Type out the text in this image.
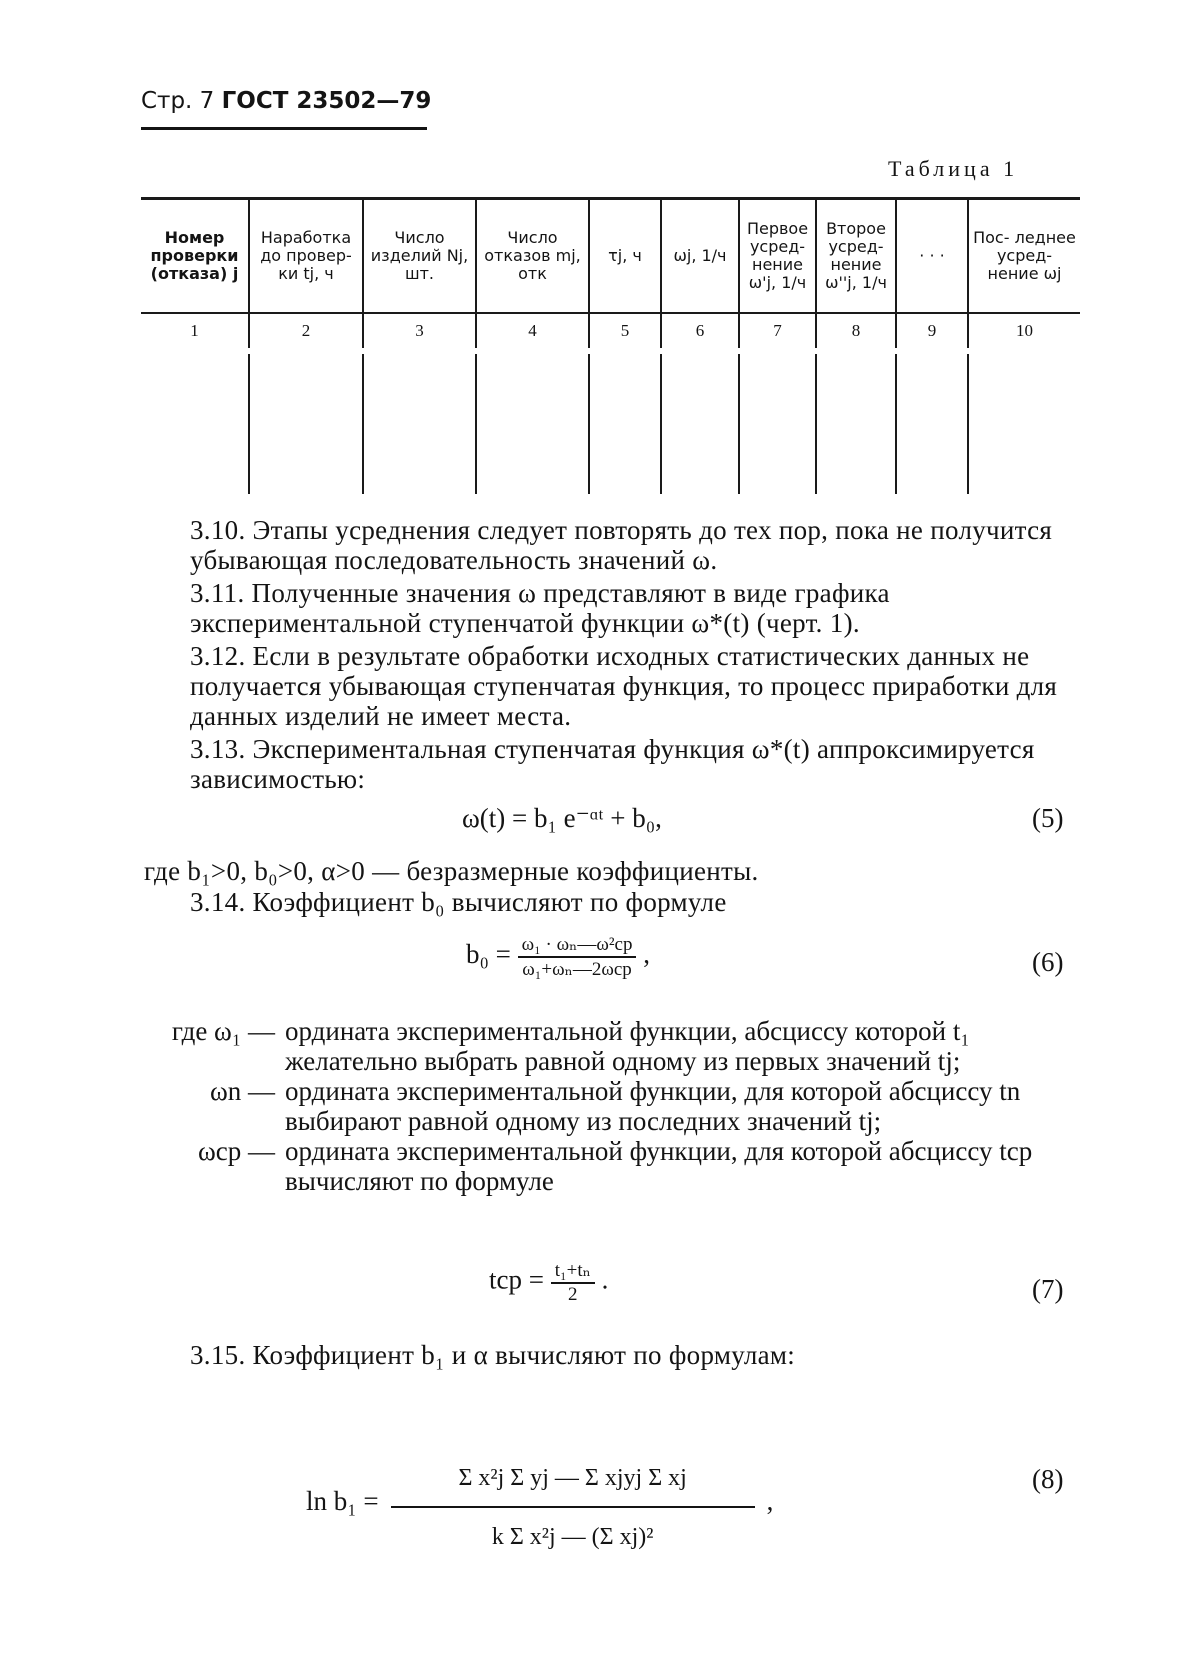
Стр. 7 ГОСТ 23502—79
Таблица 1
Номер проверки (отказа) j	Наработка до провер- ки tj, ч	Число изделий Nj, шт.	Число отказов mj, отк	τj, ч	ωj, 1/ч	Первое усред- нение ω'j, 1/ч	Второе усред- нение ω''j, 1/ч	· · ·	Пос- леднее усред- нение ωj
1	2	3	4	5	6	7	8	9	10

3.10. Этапы усреднения следует повторять до тех пор, пока не получится убывающая последовательность значений ω.
3.11. Полученные значения ω представляют в виде графика экспериментальной ступенчатой функции ω*(t) (черт. 1).
3.12. Если в результате обработки исходных статистических данных не получается убывающая ступенчатая функция, то процесс приработки для данных изделий не имеет места.
3.13. Экспериментальная ступенчатая функция ω*(t) аппроксимируется зависимостью:
ω(t) = b₁ e⁻ᵅᵗ + b₀,	(5)
где b₁>0, b₀>0, α>0 — безразмерные коэффициенты.
3.14. Коэффициент b₀ вычисляют по формуле
$b_0 = \frac{\text{ω₁ · ωₙ—ω²ср}}{\text{ω₁+ωₙ—2ωср}}$ ,	(6)
где ω₁ — ордината экспериментальной функции, абсциссу которой t₁ желательно выбрать равной одному из первых значений tj;
ωn — ордината экспериментальной функции, для которой абсциссу tn выбирают равной одному из последних значений tj;
ωср — ордината экспериментальной функции, для которой абсциссу tср вычисляют по формуле
tср = $\frac{\text{t₁+tₙ}}{2}$ .	(7)
3.15. Коэффициент b₁ и α вычисляют по формулам:
$\ln b_1 = \frac{\text{Σ x²j Σ yj — Σ xjyj Σ xj}}{\text{k Σ x²j — (Σ xj)²}}$ ,
(8)
